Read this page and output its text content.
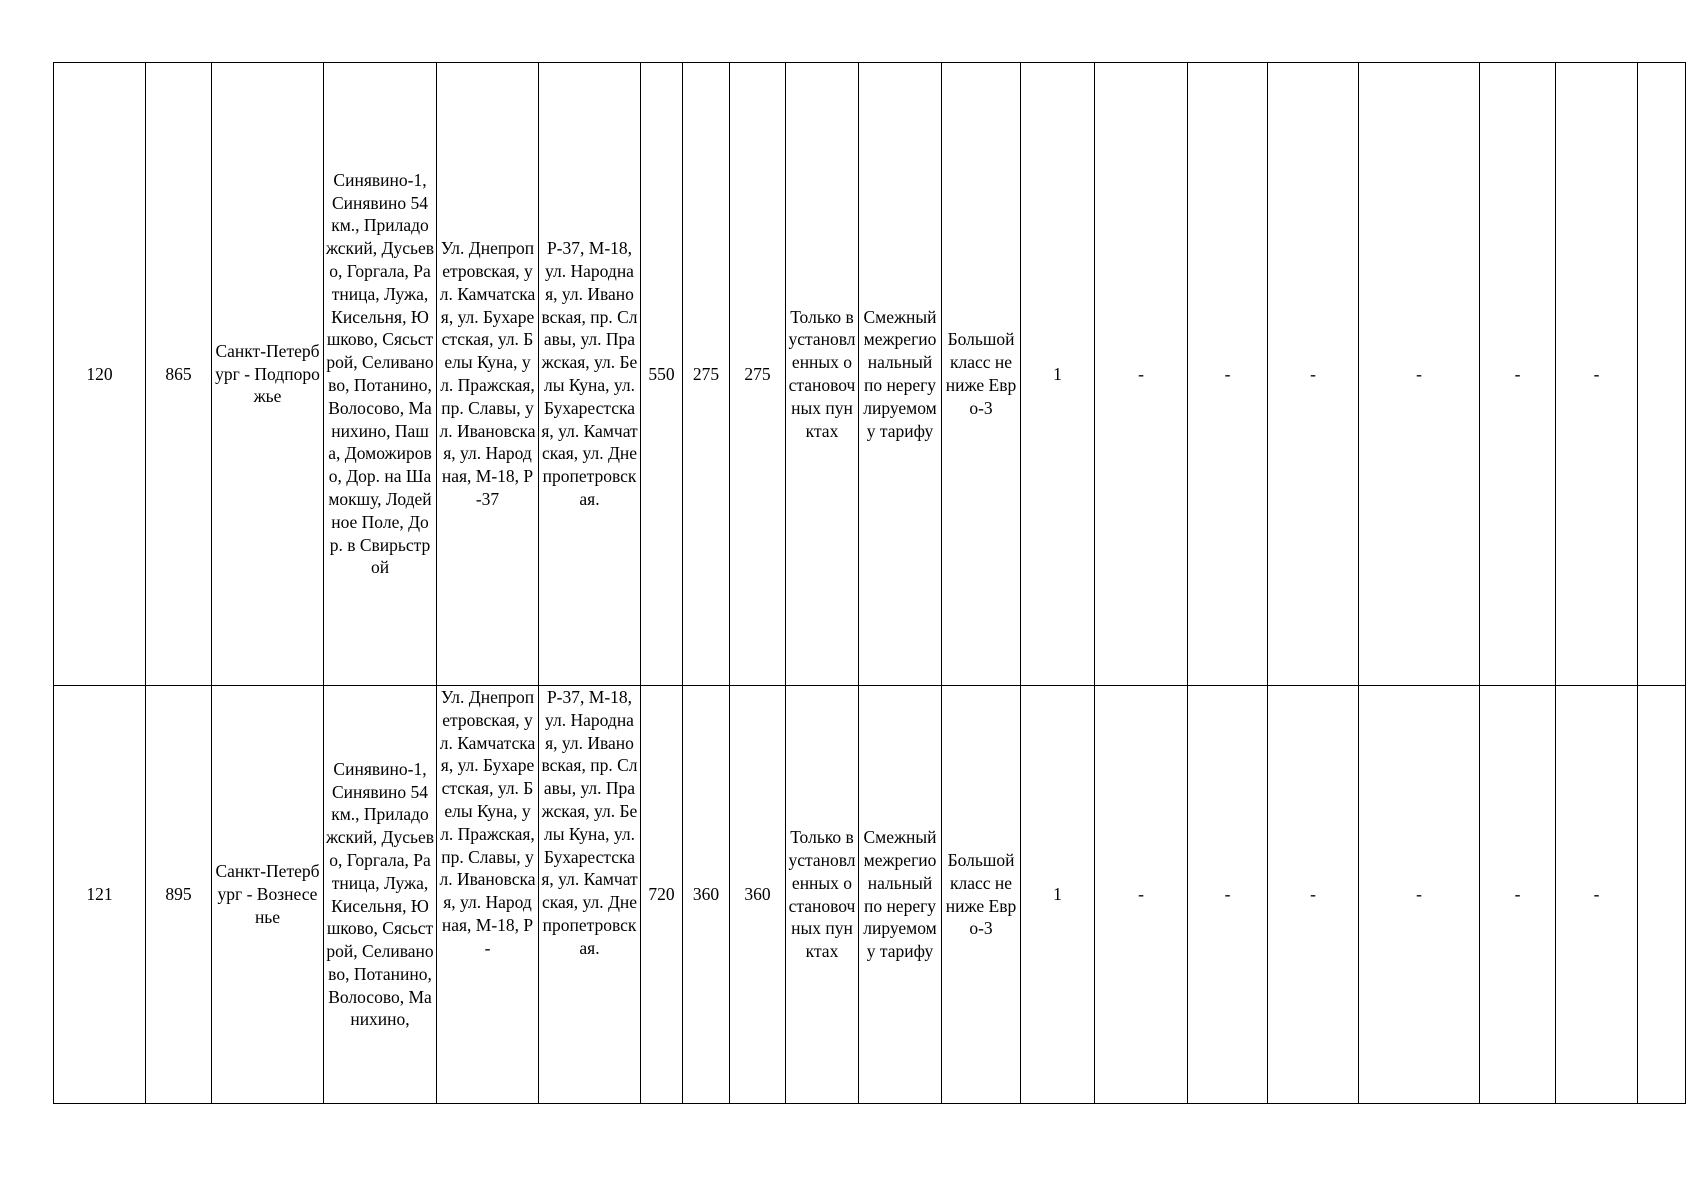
120	865	Санкт-Петербург - Подпорожье	Синявино-1, Синявино 54 км., Приладожский, Дусьево, Горгала, Ратница, Лужа, Кисельня, Юшково, Сясьстрой, Селиваново, Потанино, Волосово, Манихино, Паша, Доможирово, Дор. на Шамокшу, Лодейное Поле, Дор. в Свирьстрой	Ул. Днепропетровская, ул. Камчатская, ул. Бухарестская, ул. Белы Куна, ул. Пражская, пр. Славы, ул. Ивановская, ул. Народная, М-18, Р-37	Р-37, М-18, ул. Народная, ул. Ивановская, пр. Славы, ул. Пражская, ул. Белы Куна, ул. Бухарестская, ул. Камчатская, ул. Днепропетровская.	550	275	275	Только в установленных остановочных пунктах	Смежный межрегиональный по нерегулируемому тарифу	Большой класс не ниже Евро-3	1	-	-	-	-	-	-	
121	895	Санкт-Петербург - Вознесенье	Синявино-1, Синявино 54 км., Приладожский, Дусьево, Горгала, Ратница, Лужа, Кисельня, Юшково, Сясьстрой, Селиваново, Потанино, Волосово, Манихино,	Ул. Днепропетровская, ул. Камчатская, ул. Бухарестская, ул. Белы Куна, ул. Пражская, пр. Славы, ул. Ивановская, ул. Народная, М-18, Р-	Р-37, М-18, ул. Народная, ул. Ивановская, пр. Славы, ул. Пражская, ул. Белы Куна, ул. Бухарестская, ул. Камчатская, ул. Днепропетровская.	720	360	360	Только в установленных остановочных пунктах	Смежный межрегиональный по нерегулируемому тарифу	Большой класс не ниже Евро-3	1	-	-	-	-	-	-	
